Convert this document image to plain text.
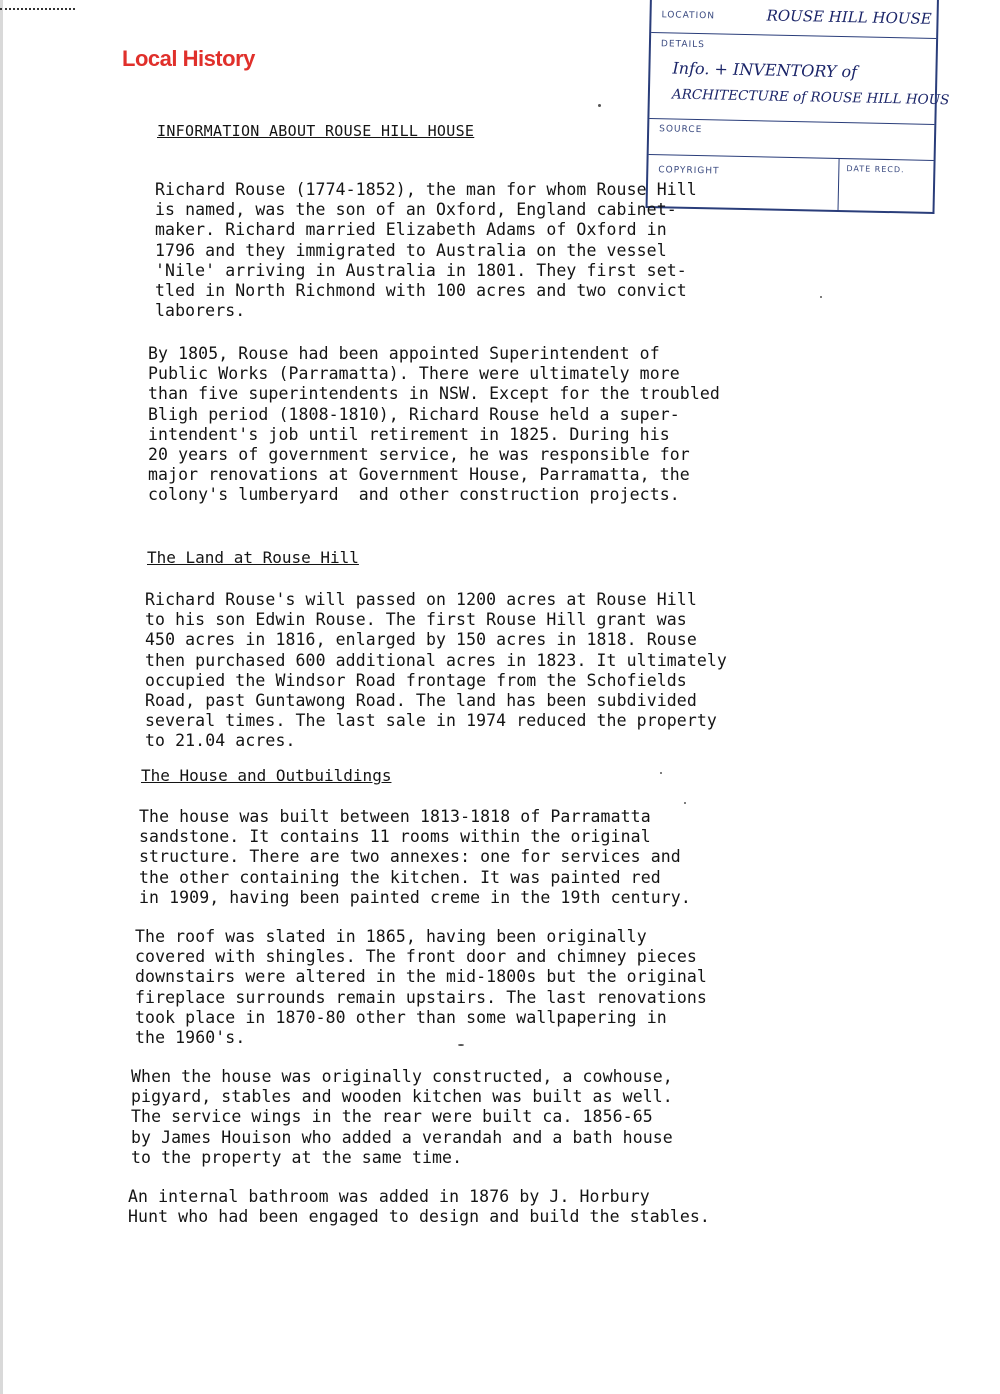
Local History
LOCATION	ROUSE HILL HOUSE
DETAILS
Info. + INVENTORY of
ARCHITECTURE of ROUSE HILL HOUS
SOURCE
COPYRIGHT	DATE RECD.
INFORMATION ABOUT ROUSE HILL HOUSE
Richard Rouse (1774-1852), the man for whom Rouse Hill
is named, was the son of an Oxford, England cabinet-
maker. Richard married Elizabeth Adams of Oxford in
1796 and they immigrated to Australia on the vessel
'Nile' arriving in Australia in 1801. They first set-
tled in North Richmond with 100 acres and two convict
laborers.
By 1805, Rouse had been appointed Superintendent of
Public Works (Parramatta). There were ultimately more
than five superintendents in NSW. Except for the troubled
Bligh period (1808-1810), Richard Rouse held a super-
intendent's job until retirement in 1825. During his
20 years of government service, he was responsible for
major renovations at Government House, Parramatta, the
colony's lumberyard  and other construction projects.
The Land at Rouse Hill
Richard Rouse's will passed on 1200 acres at Rouse Hill
to his son Edwin Rouse. The first Rouse Hill grant was
450 acres in 1816, enlarged by 150 acres in 1818. Rouse
then purchased 600 additional acres in 1823. It ultimately
occupied the Windsor Road frontage from the Schofields
Road, past Guntawong Road. The land has been subdivided
several times. The last sale in 1974 reduced the property
to 21.04 acres.
The House and Outbuildings
The house was built between 1813-1818 of Parramatta
sandstone. It contains 11 rooms within the original
structure. There are two annexes: one for services and
the other containing the kitchen. It was painted red
in 1909, having been painted creme in the 19th century.
The roof was slated in 1865, having been originally
covered with shingles. The front door and chimney pieces
downstairs were altered in the mid-1800s but the original
fireplace surrounds remain upstairs. The last renovations
took place in 1870-80 other than some wallpapering in
the 1960's.
When the house was originally constructed, a cowhouse,
pigyard, stables and wooden kitchen was built as well.
The service wings in the rear were built ca. 1856-65
by James Houison who added a verandah and a bath house
to the property at the same time.
An internal bathroom was added in 1876 by J. Horbury
Hunt who had been engaged to design and build the stables.
